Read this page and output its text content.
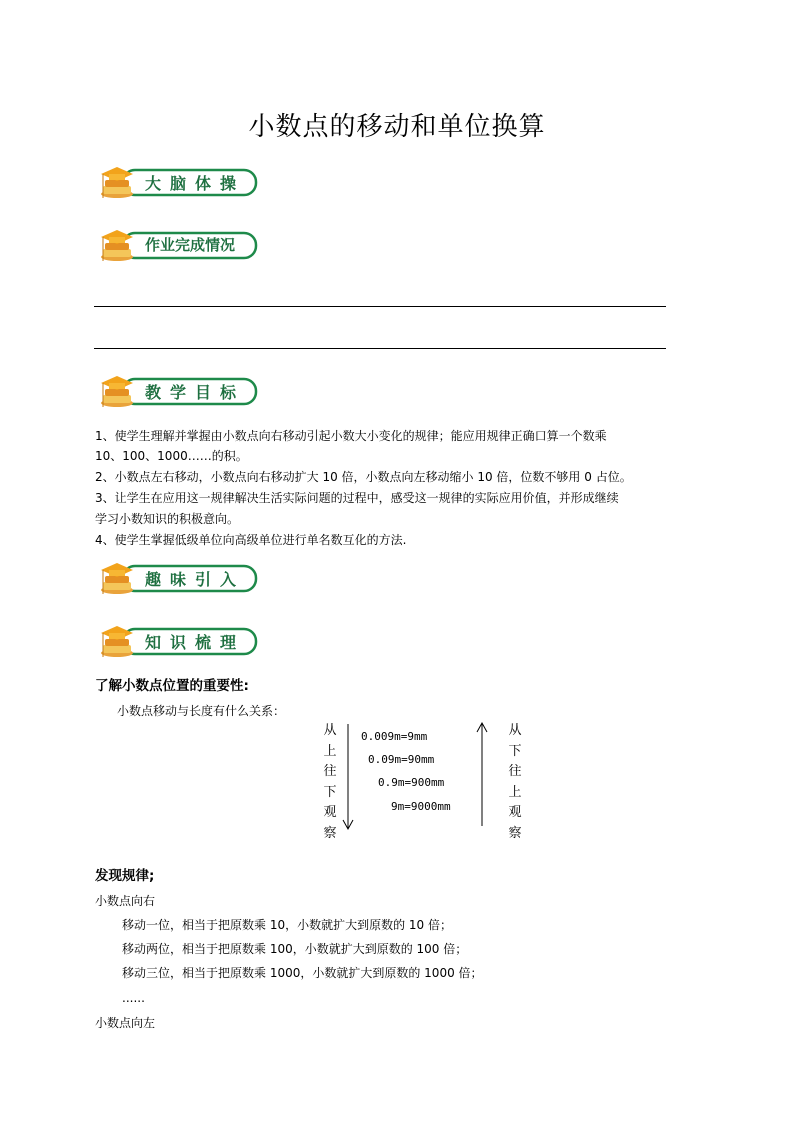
小数点的移动和单位换算
大脑体操
作业完成情况
教学目标
1、使学生理解并掌握由小数点向右移动引起小数大小变化的规律；能应用规律正确口算一个数乘
10、100、1000……的积。
2、小数点左右移动，小数点向右移动扩大 10 倍，小数点向左移动缩小 10 倍，位数不够用 0 占位。
3、让学生在应用这一规律解决生活实际问题的过程中，感受这一规律的实际应用价值，并形成继续
学习小数知识的积极意向。
4、使学生掌握低级单位向高级单位进行单名数互化的方法.
趣味引入
知识梳理
了解小数点位置的重要性:
小数点移动与长度有什么关系：
从
上
往
下
观
察
0.009m=9mm
0.09m=90mm
0.9m=900mm
9m=9000mm
从
下
往
上
观
察
发现规律;
小数点向右
移动一位，相当于把原数乘 10，小数就扩大到原数的 10 倍；
移动两位，相当于把原数乘 100，小数就扩大到原数的 100 倍；
移动三位，相当于把原数乘 1000，小数就扩大到原数的 1000 倍；
......
小数点向左
